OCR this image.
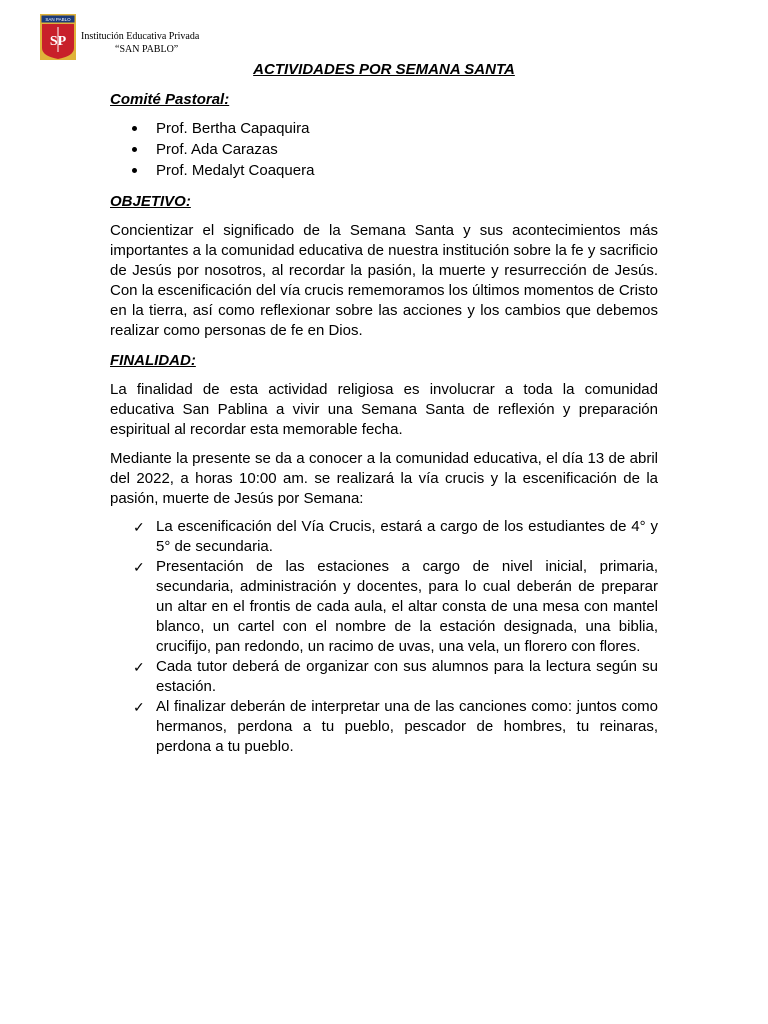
SAN PABLO
SP Institución Educativa Privada
“SAN PABLO”
ACTIVIDADES POR SEMANA SANTA

Comité Pastoral:

Prof. Bertha Capaquira
Prof. Ada Carazas
Prof. Medalyt Coaquera

OBJETIVO:

Concientizar el significado de la Semana Santa y sus acontecimientos más importantes a la comunidad educativa de nuestra institución sobre la fe y sacrificio de Jesús por nosotros, al recordar la pasión, la muerte y resurrección de Jesús. Con la escenificación del vía crucis rememoramos los últimos momentos de Cristo en la tierra, así como reflexionar sobre las acciones y los cambios que debemos realizar como personas de fe en Dios.

FINALIDAD:

La finalidad de esta actividad religiosa es involucrar a toda la comunidad educativa San Pablina a vivir una Semana Santa de reflexión y preparación espiritual al recordar esta memorable fecha.

Mediante la presente se da a conocer a la comunidad educativa, el día 13 de abril del 2022, a horas 10:00 am. se realizará la vía crucis y la escenificación de la pasión, muerte de Jesús por Semana:

✓ La escenificación del Vía Crucis, estará a cargo de los estudiantes de 4° y 5° de secundaria.
✓ Presentación de las estaciones a cargo de nivel inicial, primaria, secundaria, administración y docentes, para lo cual deberán de preparar un altar en el frontis de cada aula, el altar consta de una mesa con mantel blanco, un cartel con el nombre de la estación designada, una biblia, crucifijo, pan redondo, un racimo de uvas, una vela, un florero con flores.
✓ Cada tutor deberá de organizar con sus alumnos para la lectura según su estación.
✓ Al finalizar deberán de interpretar una de las canciones como: juntos como hermanos, perdona a tu pueblo, pescador de hombres, tu reinaras, perdona a tu pueblo.
